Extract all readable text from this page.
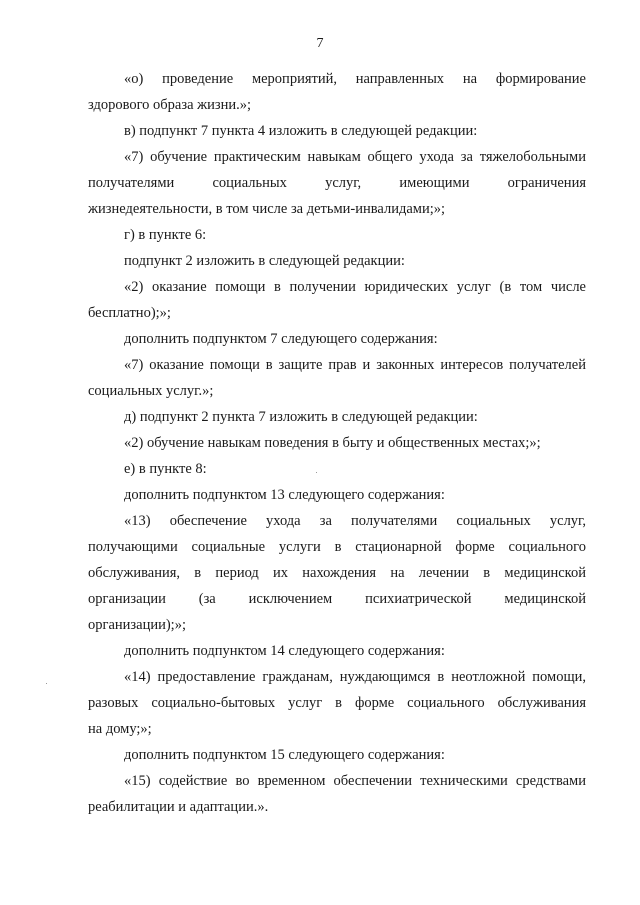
7
«о) проведение мероприятий, направленных на формирование
здорового образа жизни.»;
в) подпункт 7 пункта 4 изложить в следующей редакции:
«7) обучение практическим навыкам общего ухода за тяжелобольными
получателями социальных услуг, имеющими ограничения
жизнедеятельности, в том числе за детьми-инвалидами;»;
г) в пункте 6:
подпункт 2 изложить в следующей редакции:
«2) оказание помощи в получении юридических услуг (в том числе
бесплатно);»;
дополнить подпунктом 7 следующего содержания:
«7) оказание помощи в защите прав и законных интересов получателей
социальных услуг.»;
д) подпункт 2 пункта 7 изложить в следующей редакции:
«2) обучение навыкам поведения в быту и общественных местах;»;
е) в пункте 8:
дополнить подпунктом 13 следующего содержания:
«13) обеспечение ухода за получателями социальных услуг,
получающими социальные услуги в стационарной форме социального
обслуживания, в период их нахождения на лечении в медицинской
организации (за исключением психиатрической медицинской
организации);»;
дополнить подпунктом 14 следующего содержания:
«14) предоставление гражданам, нуждающимся в неотложной помощи,
разовых социально-бытовых услуг в форме социального обслуживания
на дому;»;
дополнить подпунктом 15 следующего содержания:
«15) содействие во временном обеспечении техническими средствами
реабилитации и адаптации.».
